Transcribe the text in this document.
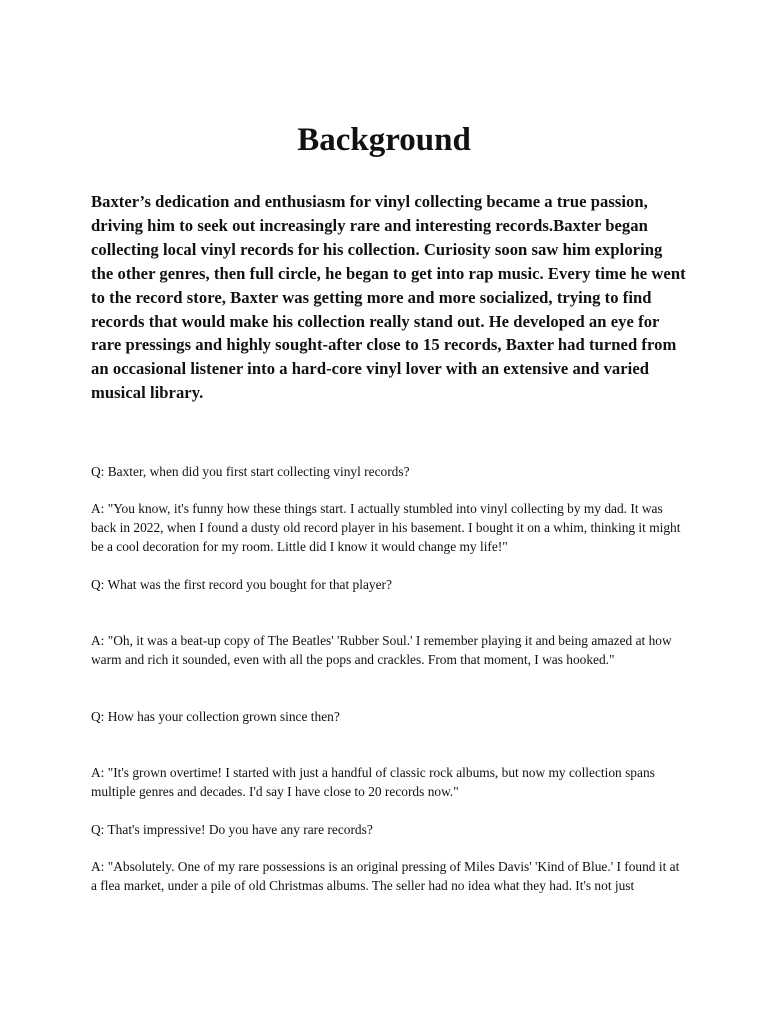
Background

Baxter’s dedication and enthusiasm for vinyl collecting became a true passion, driving him to seek out increasingly rare and interesting records.Baxter began collecting local vinyl records for his collection. Curiosity soon saw him exploring the other genres, then full circle, he began to get into rap music. Every time he went to the record store, Baxter was getting more and more socialized, trying to find records that would make his collection really stand out. He developed an eye for rare pressings and highly sought-after close to 15 records, Baxter had turned from an occasional listener into a hard-core vinyl lover with an extensive and varied musical library.

Q: Baxter, when did you first start collecting vinyl records?

A: "You know, it's funny how these things start. I actually stumbled into vinyl collecting by my dad. It was back in 2022, when I found a dusty old record player in his basement. I bought it on a whim, thinking it might be a cool decoration for my room. Little did I know it would change my life!"

Q: What was the first record you bought for that player?

A: "Oh, it was a beat-up copy of The Beatles' 'Rubber Soul.' I remember playing it and being amazed at how warm and rich it sounded, even with all the pops and crackles. From that moment, I was hooked."

Q: How has your collection grown since then?

A: "It's grown overtime! I started with just a handful of classic rock albums, but now my collection spans multiple genres and decades. I'd say I have close to 20 records now."

Q: That's impressive! Do you have any rare records?

A: "Absolutely. One of my rare possessions is an original pressing of Miles Davis' 'Kind of Blue.' I found it at a flea market, under a pile of old Christmas albums. The seller had no idea what they had. It's not just
